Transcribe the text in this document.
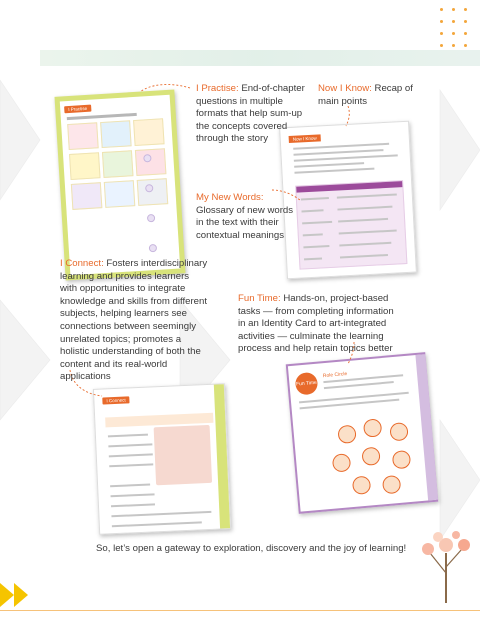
I Practise
Now I Know
I Connect
Fun Time
Role Circle
I Practise: End-of-chapter questions in multiple formats that help sum-up the concepts covered through the story
Now I Know: Recap of main points
My New Words: Glossary of new words in the text with their contextual meanings
I Connect: Fosters interdisciplinary learning and provides learners with opportunities to integrate knowledge and skills from different subjects, helping learners see connections between seemingly unrelated topics; promotes a holistic understanding of both the content and its real-world applications
Fun Time: Hands-on, project-based tasks — from completing information in an Identity Card to art-integrated activities — culminate the learning process and help retain topics better
So, let’s open a gateway to exploration, discovery and the joy of learning!
